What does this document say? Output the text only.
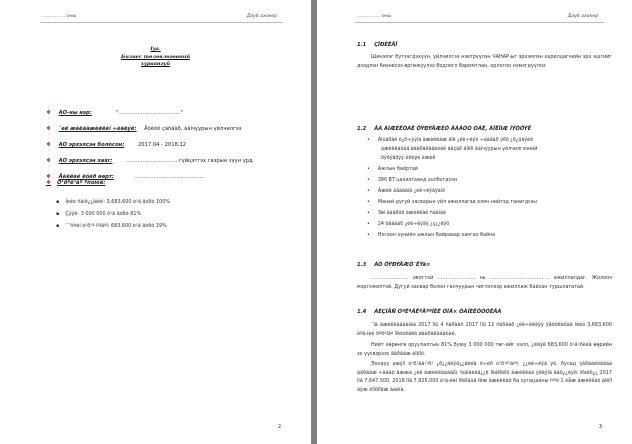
................ оны	Дауб ахокер
Iya.
Бизнес төлөвлөгөөний
хураангуй
❖ АО-ны нэр:	"......................................"
❖ ¯еë æàëãàæèëëèí ÷èãëýë: Äóëóó çàñâàð, ãàíчуурын үйлчилгээ
❖ АО эрхэлсэн болосон:	2017.04 - 2018.12
❖ АО эрхэлсэн хаяг:	............................... гүйцэтгэх газрын зүүн урд
❖ Ãèëëèé ëóéð өөрт:	...........................................
❖ Ò¹ðºë¹ãº ºñòîóë:
▪ Íèéò ñàíõ¿¿ãèéí: 3,683,600 ò¹ã äóðó 100%
▪ Çýýë: 3 000 000 ò¹ã äóðó 81%
▪ ¯¯ññèí ò¹ð¹º ìºíãºí: 683,600 ò¹ã äóðó 19%
2
................ оны	Дауб ахокер
1.1 ÇÎÐÈËÃÎ
Шинэлэг бүтээгдэхүүн, үйлчилгээ нэвтрүүлэн ЧАНАР-ыг эрхэмлэн харилцагчийн эрх ашгийг дээдлэн бизнесээ өргөжүүлэх бодлого баримтлан, орлогоо нэмэгдүүлнэ
1.2 ÃÀ ÀÌÆÈËÒÀÉ ÕÝÐÝÃÆÈÕ ÄÀÂÓÓ ÒÀË, ÁÎËÎÌÆ ÍÝÕÖÝË
• Àìüäðàë õ¿ð÷ýýíä àæèëëàæ áîë ¿éë÷ëýõ ÷àäâàð ýðõ ¿ð¿üäýéõ
àæèëëàõàä øààðäëàãàòàé ãàçàð áîëîí ãàíчуурын үйлчилгээний
õýðýãöýý èõòýé àæèë
• Ажлын байртай
• 380 ВТ цахилгаанд холбогдсон
• Àæèë àâààãíà ¿éë÷ëýãÿàíõ
• Манай дугуй засварын үйл ажиллагаа олон нийтэд танигдсан
• Зөí äàäðóõ àæèëëàé ñàéíàé
• 24 öàãààð ¿éë÷ëýãÿ ¿ç¿¿ëýõ
• Ногоон хүнийн ажлын байрааар хангах байна
3
1.3 ÁÒ ÕÝÐÝÃÆÓ¯ËÝà×
........................ овогтой ........................ нь ...................................... ажиллалдаг. Жолооч мэргэжилтэй. Дугуй засвар болон ганчуурын чиглэлээр ажиллаж байсан туршлагатай.
1.4 ÁÈÇÍÅÑ ÒªËªÂËªÃªªÍÈÉ ÒÎÂ× ÒÀÍÈËÖÓÓËÃÀ
¯íä àæèëëàãààíàà 2017 îíû 4 ñàðààñ 2017 îíû 12 ñàðààð ¿éë÷èëãýý ÿâóóëàõàä íèéò 3,683,600 òºã-íèé õºðºíãº îðóóëàëò øààðäëàãàòàé.
Нийт хөрөнгө оруулалтын 81% буюу 3 000 000 төг-ийг ээлл, ¿ëäýë 683,600 ò¹ã¹ðèéã өөрийн эх үүсвэрээс ãàðãàæ áîëîõ.
Эхнаүү аюçîí ò¹ð¹ãã¹¹ð¹ ¿ð¿¿äëýë¿¿äèéã ó÷èð ò¹ð¹º¹ãªº, ¿¿éë÷ëýã ýõ, бусад çàðäàëóóäàà ãàðãàæ ÷àäàõ àææà ¿éë àæèëëàãààíû ¹òàíãèéä¿¿ë îëáîðëîõ àæèëëàã ýëëýíã äàõ¿¿ëýõ. Иэйö¿¿ 2017 îíä 7,647,500, 2018 îíä 7,925,000 ò¹ã-èéí îðëîãûã îëæ àæèëëàõ ба хугацааны íººö 1 óåæ àæèëëàõ áîëíî ãýæ òîîöîîëæ áàéíà.
